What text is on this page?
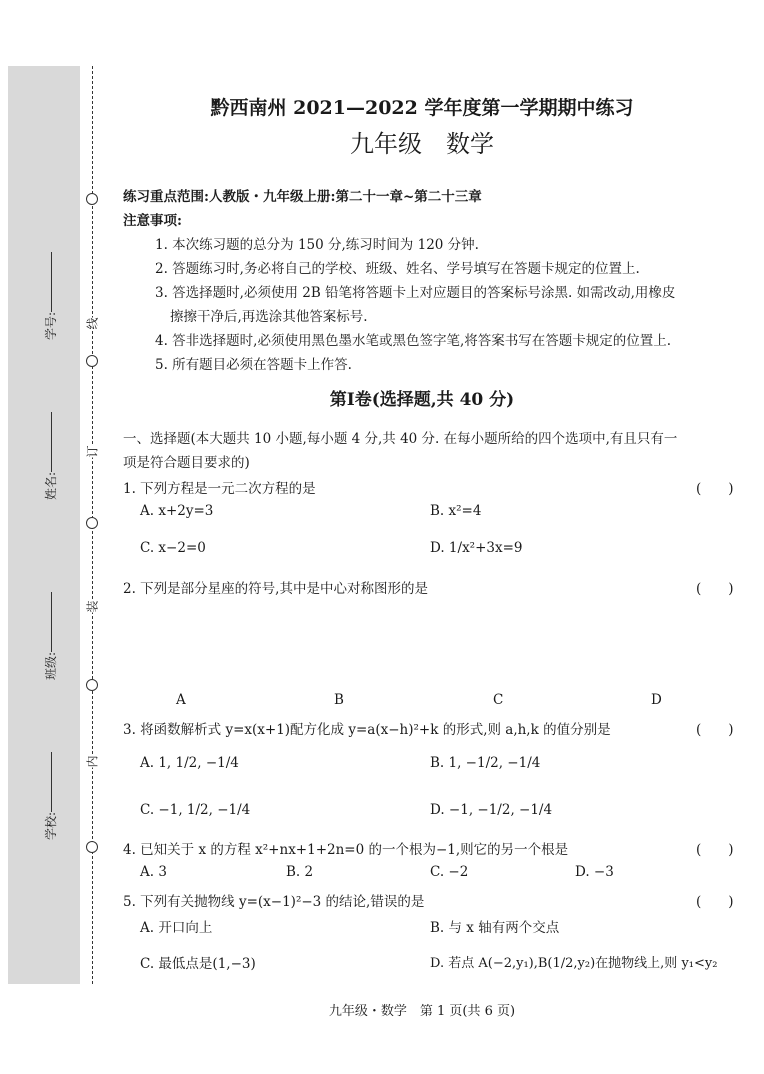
学号:
姓名:
班级:
学校:
线
订
装
内
黔西南州 2021—2022 学年度第一学期期中练习
九年级　数学
练习重点范围:人教版・九年级上册:第二十一章~第二十三章
注意事项:
1. 本次练习题的总分为 150 分,练习时间为 120 分钟.
2. 答题练习时,务必将自己的学校、班级、姓名、学号填写在答题卡规定的位置上.
3. 答选择题时,必须使用 2B 铅笔将答题卡上对应题目的答案标号涂黑. 如需改动,用橡皮
擦擦干净后,再选涂其他答案标号.
4. 答非选择题时,必须使用黑色墨水笔或黑色签字笔,将答案书写在答题卡规定的位置上.
5. 所有题目必须在答题卡上作答.
第Ⅰ卷(选择题,共 40 分)
一、选择题(本大题共 10 小题,每小题 4 分,共 40 分. 在每小题所给的四个选项中,有且只有一
项是符合题目要求的)
1. 下列方程是一元二次方程的是	(　　)
A. x+2y=3	B. x²=4
C. x−2=0	D. 1/x²+3x=9
2. 下列是部分星座的符号,其中是中心对称图形的是	(　　)
A	B	C	D
3. 将函数解析式 y=x(x+1)配方化成 y=a(x−h)²+k 的形式,则 a,h,k 的值分别是	(　　)
A. 1, 1/2, −1/4	B. 1, −1/2, −1/4
C. −1, 1/2, −1/4	D. −1, −1/2, −1/4
4. 已知关于 x 的方程 x²+nx+1+2n=0 的一个根为−1,则它的另一个根是	(　　)
A. 3	B. 2	C. −2	D. −3
5. 下列有关抛物线 y=(x−1)²−3 的结论,错误的是	(　　)
A. 开口向上	B. 与 x 轴有两个交点
C. 最低点是(1,−3)	D. 若点 A(−2,y₁),B(1/2,y₂)在抛物线上,则 y₁<y₂
九年级・数学　第 1 页(共 6 页)
